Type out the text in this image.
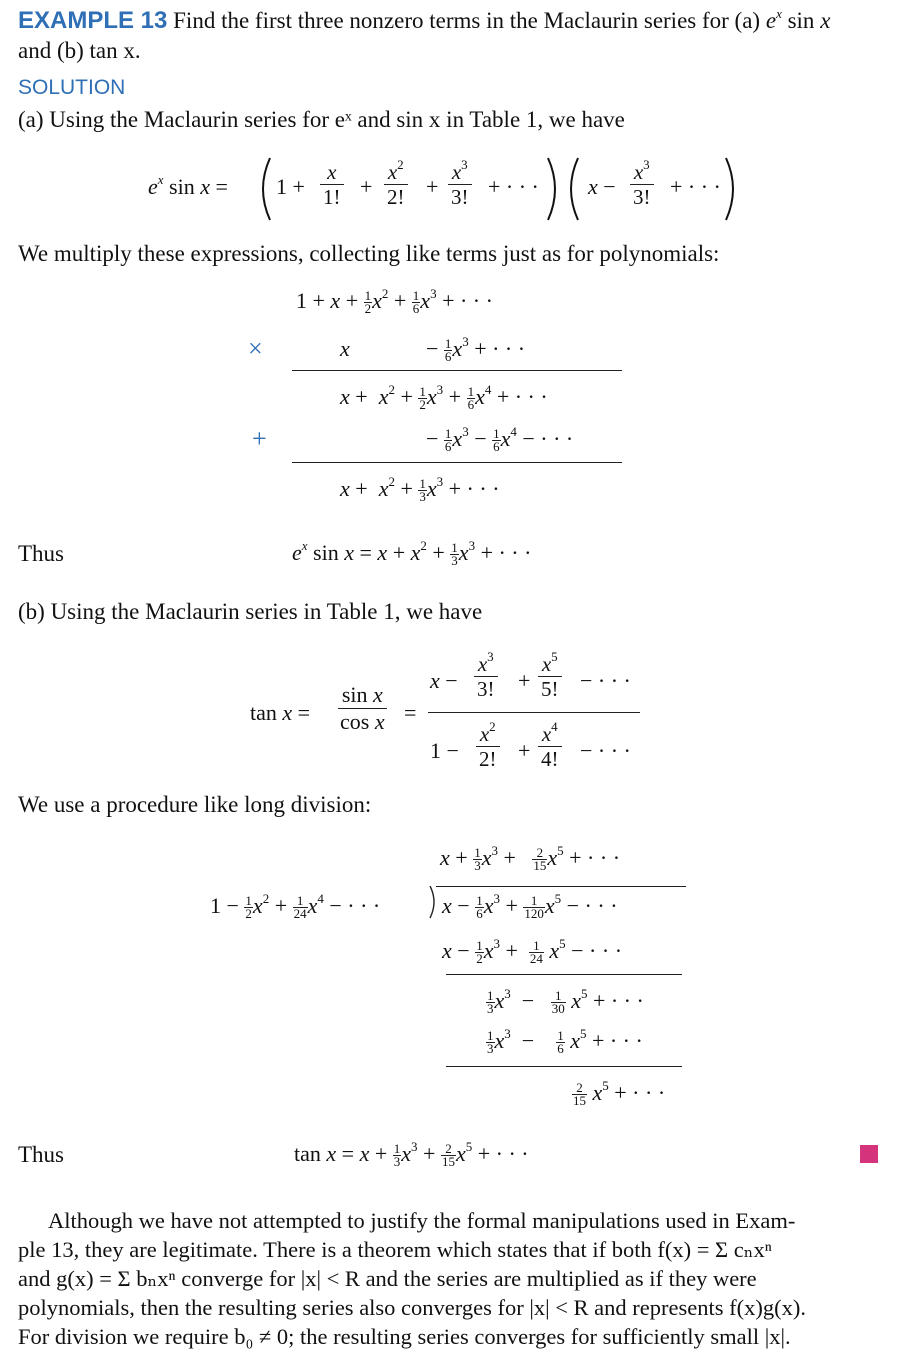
EXAMPLE 13 Find the first three nonzero terms in the Maclaurin series for (a) $e^x$ sin x
and (b) tan x.
SOLUTION
(a) Using the Maclaurin series for eˣ and sin x in Table 1, we have
$e^x$ sin x = 1 +
x
1! +
$x^2$
2! +
$x^3$
3! + · · · x −
$x^3$
3! + · · ·
We multiply these expressions, collecting like terms just as for polynomials:
$1 + x + \frac{1}{2} x^2 + \frac{1}{6} x^3$ + · · ·
×	x	− $\frac{1}{6} x^3$ + · · ·
$x + x^2 + \frac{1}{2} x^3 + \frac{1}{6} x^4$ + · · ·
+	− $\frac{1}{6} x^3 - \frac{1}{6} x^4$ − · · ·
$x + x^2 + \frac{1}{3} x^3$ + · · ·
Thus	$e^x$ $\sin x = x + x^2 + \frac{1}{3} x^3$ + · · ·
(b) Using the Maclaurin series in Table 1, we have
$\tan x = \frac{\text{sin x}}{\text{cos x}}$ =
x −
$x^3$
3! +
$x^5$
5! − · · ·
1 −
$x^2$
2! +
$x^4$
4! − · · ·
We use a procedure like long division:
$x + \frac{1}{3} x^3 + \frac{2}{15} x^5$ + · · ·
$1 - \frac{1}{2} x^2 + \frac{1}{24} x^4$ − · · ·	$x - \frac{1}{6} x^3 + \frac{1}{120} x^5$ − · · ·
$x - \frac{1}{2} x^3 + \frac{1}{24} x^5$ − · · ·
$\frac{1}{3} x^3 - \frac{1}{30} x^5$ + · · ·
$\frac{1}{3} x^3 - \frac{1}{6} x^5$ + · · ·
$\frac{2}{15} x^5$ + · · ·
Thus	$\tan x = x + \frac{1}{3} x^3 + \frac{2}{15} x^5$ + · · ·
Although we have not attempted to justify the formal manipulations used in Exam-
ple 13, they are legitimate. There is a theorem which states that if both f(x) = Σ cₙxⁿ
and g(x) = Σ bₙxⁿ converge for |x| < R and the series are multiplied as if they were
polynomials, then the resulting series also converges for |x| < R and represents f(x)g(x).
For division we require b₀ ≠ 0; the resulting series converges for sufficiently small |x|.
